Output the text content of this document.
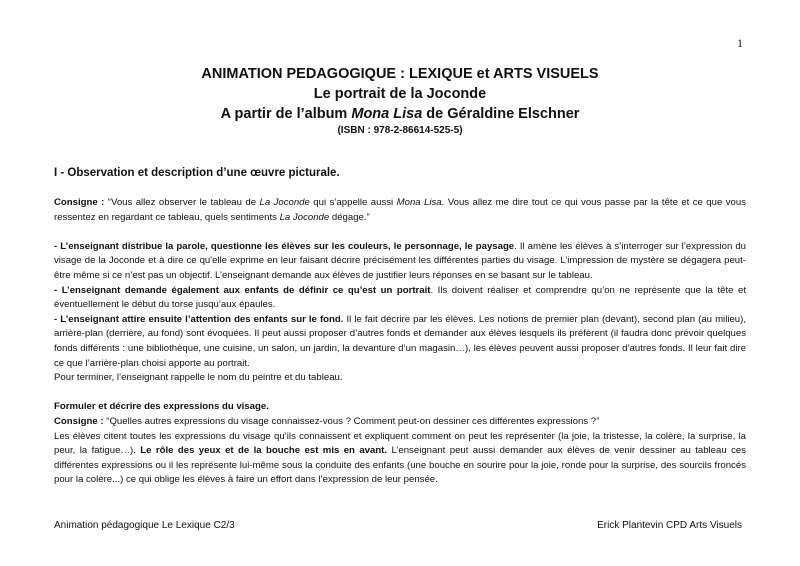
1
ANIMATION PEDAGOGIQUE : LEXIQUE et ARTS VISUELS
Le portrait de la Joconde
A partir de l’album Mona Lisa de Géraldine Elschner
(ISBN : 978-2-86614-525-5)
I - Observation et description d’une œuvre picturale.

Consigne : “Vous allez observer le tableau de La Joconde qui s’appelle aussi Mona Lisa. Vous allez me dire tout ce qui vous passe par la tête et ce que vous ressentez en regardant ce tableau, quels sentiments La Joconde dégage.”

- L’enseignant distribue la parole, questionne les élèves sur les couleurs, le personnage, le paysage. Il amène les élèves à s’interroger sur l’expression du visage de la Joconde et à dire ce qu'elle exprime en leur faisant décrire précisément les différentes parties du visage. L’impression de mystère se dégagera peut-être même si ce n’est pas un objectif. L’enseignant demande aux élèves de justifier leurs réponses en se basant sur le tableau.

- L’enseignant demande également aux enfants de définir ce qu’est un portrait. Ils doivent réaliser et comprendre qu’on ne représente que la tête et éventuellement le début du torse jusqu’aux épaules.

- L’enseignant attire ensuite l’attention des enfants sur le fond. Il le fait décrire par les élèves. Les notions de premier plan (devant), second plan (au milieu), arrière-plan (derrière, au fond) sont évoquées. Il peut aussi proposer d’autres fonds et demander aux élèves lesquels ils préfèrent (il faudra donc prévoir quelques fonds différents : une bibliothèque, une cuisine, un salon, un jardin, la devanture d’un magasin…), les élèves peuvent aussi proposer d’autres fonds. Il leur fait dire ce que l’arrière-plan choisi apporte au portrait.

Pour terminer, l’enseignant rappelle le nom du peintre et du tableau.

Formuler et décrire des expressions du visage.

Consigne : “Quelles autres expressions du visage connaissez-vous ? Comment peut-on dessiner ces différentes expressions ?”

Les élèves citent toutes les expressions du visage qu’ils connaissent et expliquent comment on peut les représenter (la joie, la tristesse, la colère, la surprise, la peur, la fatigue…). Le rôle des yeux et de la bouche est mis en avant. L’enseignant peut aussi demander aux élèves de venir dessiner au tableau ces différentes expressions ou il les représente lui-même sous la conduite des enfants (une bouche en sourire pour la joie, ronde pour la surprise, des sourcils froncés pour la colère...) ce qui oblige les élèves à faire un effort dans l’expression de leur pensée.

Animation pédagogique Le Lexique C2/3	Erick Plantevin CPD Arts Visuels
